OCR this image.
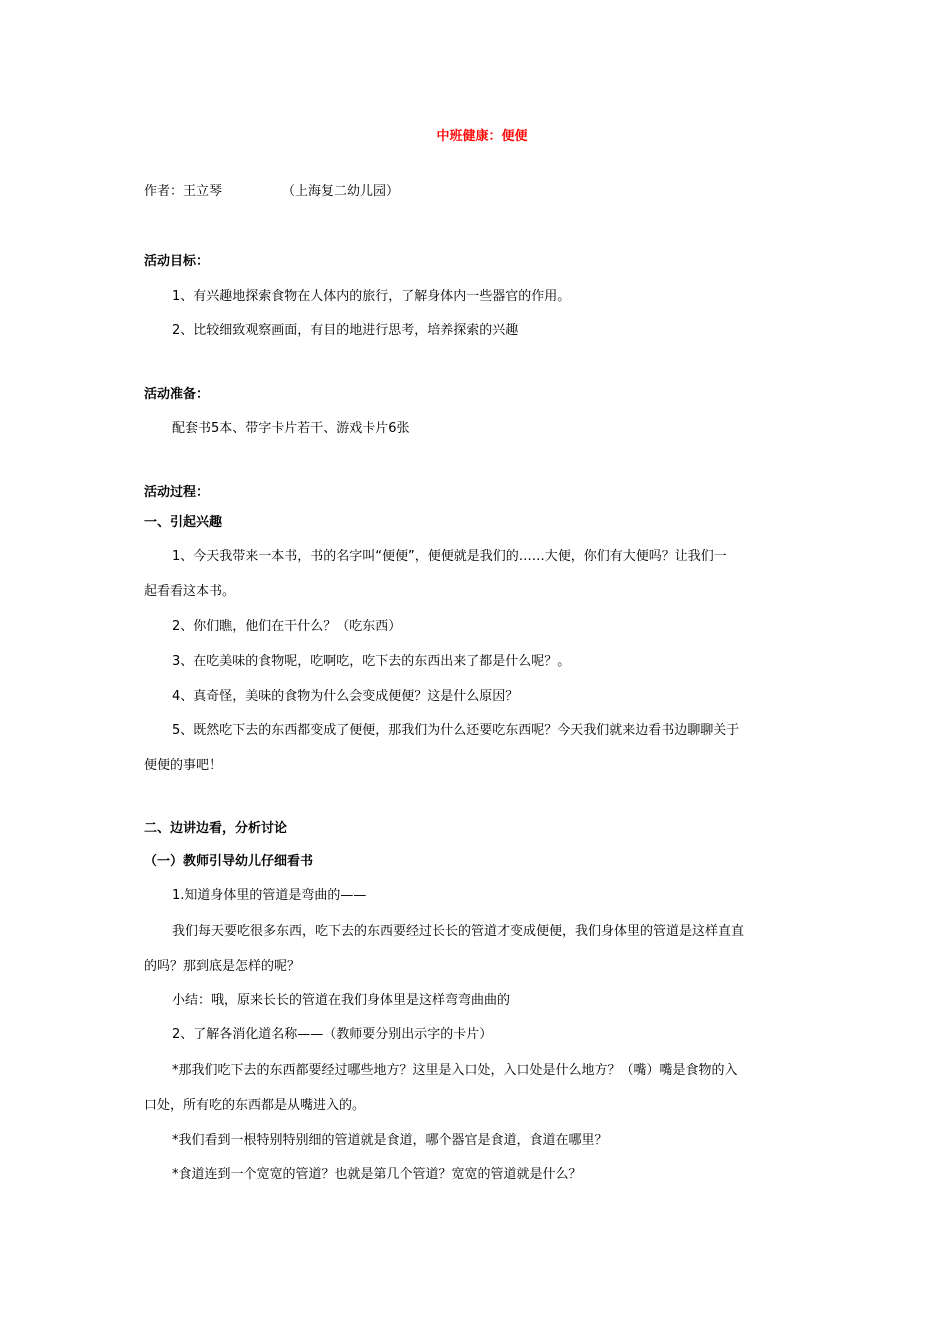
中班健康：便便
作者：王立琴	（上海复二幼儿园）
活动目标：
1、有兴趣地探索食物在人体内的旅行，了解身体内一些器官的作用。
2、比较细致观察画面，有目的地进行思考，培养探索的兴趣
活动准备：
配套书5本、带字卡片若干、游戏卡片6张
活动过程：
一、引起兴趣
1、今天我带来一本书，书的名字叫“便便”，便便就是我们的……大便，你们有大便吗？让我们一
起看看这本书。
2、你们瞧，他们在干什么？（吃东西）
3、在吃美味的食物呢，吃啊吃，吃下去的东西出来了都是什么呢？。
4、真奇怪，美味的食物为什么会变成便便？这是什么原因？
5、既然吃下去的东西都变成了便便，那我们为什么还要吃东西呢？今天我们就来边看书边聊聊关于
便便的事吧！
二、边讲边看，分析讨论
（一）教师引导幼儿仔细看书
1.知道身体里的管道是弯曲的——
我们每天要吃很多东西，吃下去的东西要经过长长的管道才变成便便，我们身体里的管道是这样直直
的吗？那到底是怎样的呢？
小结：哦，原来长长的管道在我们身体里是这样弯弯曲曲的
2、了解各消化道名称——（教师要分别出示字的卡片）
*那我们吃下去的东西都要经过哪些地方？这里是入口处，入口处是什么地方？（嘴）嘴是食物的入
口处，所有吃的东西都是从嘴进入的。
*我们看到一根特别特别细的管道就是食道，哪个器官是食道，食道在哪里？
*食道连到一个宽宽的管道？也就是第几个管道？宽宽的管道就是什么？
